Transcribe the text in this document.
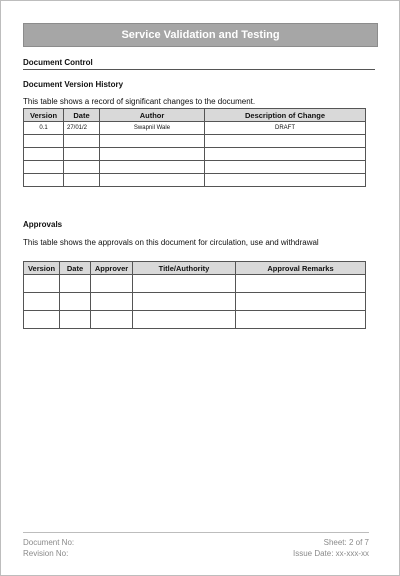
Service Validation and Testing
Document Control
Document Version History
This table shows a record of significant changes to the document.
Version	Date	Author	Description of Change
0.1	27/01/2	Swapnil Wale	DRAFT

Approvals
This table shows the approvals on this document for circulation, use and withdrawal
Version	Date	Approver	Title/Authority	Approval Remarks

Document No:
Revision No:
Sheet: 2 of 7
Issue Date: xx-xxx-xx
